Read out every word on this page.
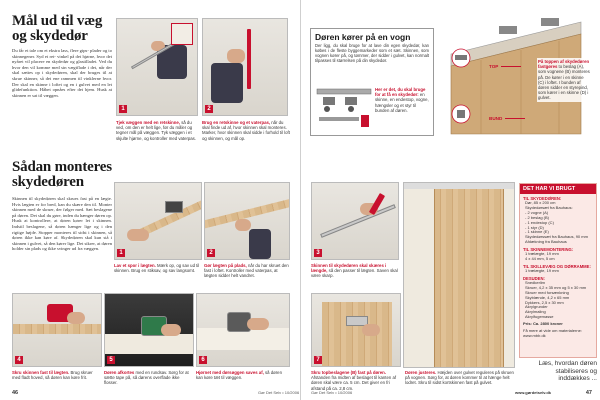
Mål ud til væg og skydedør

Du får et tale om et ekstra lass, flere gips- plader og to skinnegener. Syd et ret- vinkel på det hjørne, hvor det nyåret vil placere en skydedør og glastilladet. Ved du hvor den vil komme med sin vægtflade i det, når der skal sættes op i skydedøren, skal der bruges til at skrue skinner, så det ene rammen til vinklerne hvor. Der skal en skinne i loftet og en i gulvet med en let glidefunktion. Håbet opnåes efter det hjem. Husk at skinnen er sat til væggen.

1	2

Tjek væggen med en retskinne, så du ved, om den er helt lige, før du måler og tegner mål på væggen. Tyk væggen i et skjulte hjørne, og kontroller med vaterpas.

Brug en retskinne og et vaterpas, når du skal finde ud af, hvor skinnen skal monteres. Marker, hvor skinnen skal sidde i forhold til loft og skinnen, og mål op.

Sådan monteres skydedøren

Skinnen til skydedøren skal skrues fast på en lægte. Hvis lægten er for bred, kan du skære den til. Monter skinnen med de skruer, der følger med. Sæt beslagene på døren. Det skal du gøre, inden du hænger døren op. Husk at kontrollere, at døren kører let i skinnen. Indstil beslagene, så døren hænger lige og i den rigtige højde. Stopper monteres til sidst i skinnen, så døren ikke kan køre af. Skydedøren skal kun stå i skinnen i gulvet, så den kører lige. Det sikrer, at døren holder sin plads og ikke svinger ud fra væggen.

1	2

Lav et spor i lægten. Mærk op, og sav ud til skinnen. Brug en stiksav, og sav langsomt.

Gør lægten på plads, når du har skruet den fast i loftet. Kontroller med vaterpas, at lægten sidder helt vandret.

4	5	6

Skru skinnen fast til lægten. Brug skruer med fladt hoved, så døren kan køre frit.

Døren afkortes med en rundsav. Sørg for at sætte tape på, så dørens overflade ikke flosser.

Hjørnet med dørsøggen saves af, så døren kan køre tæt til væggen.

46	Gør Det Selv • 10/2006
3

Skinnen til skydedøren skal skæres i længde, så den passer til lægten. Saven skal være skarp.

7

Skru topbeslagene (B) fast på døren. Afstanden fra midten af beslaget til kanten af døren skal være ca. 5 cm. Det giver en fri afstand på ca. 2,8 cm.

Døren justeres. Hæjden over gulvet reguleres på skruen på vognen. Sørg for, at døren kommer til at hænge helt lodret. Skru til sidst kortskinnen fast på gulvet.

TOP
BUND

På toppen af skydedøren fastgøres to beslag (A), som vognene (B) monteres på. De kører i en skinne (C) i loftet. I bunden af døren sidder en styrepind, som kører i en skinne (D) i gulvet.

DET HAR VI BRUGT
TIL SKYDEDØREN:
Dør, 85 x 200 cm
Skydedørsæt fra Bauhaus:
- 2 vogne (A)
- 2 beslag (B)
- 1 endestop (C)
- 1 styr (D)
- 1 skinne (E)
Skydedørssæt fra Bauhaus, 90 mm
Afdækning fra Bauhaus
TIL SKINNEMONTERING:
1 trælægte, 19 mm
4 x 44 mm, 5 cm
TIL SKILLEVÆG OG DØRRAMME:
1 trælægte, 19 mm
DESUDEN:
Snedkerlim
Skruer, 4,2 x 35 mm og 5 x 30 mm
Skruer med forsænkning
Skyblænde, 4,2 x 65 mm
Dykkers, 2,5 x 30 mm
Akrylgrunder
Akrylmaling
Akrylfugemasse
Pris: Ca. 2800 kroner
Få mere at vide om materialerne: www.mbb.dk
Læs, hvordan døren
stabiliseres og inddækkes ...
Gør Det Selv • 10/2006	www.gørdetselv.dk	47
Døren kører på en vogn

Der ligg, du skal bruge for at lave din egen skydedør, kan købes i de fleste byggemarkeder som et sæt. Skinnen, som vognen kører på, og tømmer, der sidder i gulvet, kan normalt tilpasses til størrelsen på din skydedør.

Her er det, du skal bruge for at få en skydedør: en skinne, en endestop, vogne, hængsler og et styr til bunden af døren.
